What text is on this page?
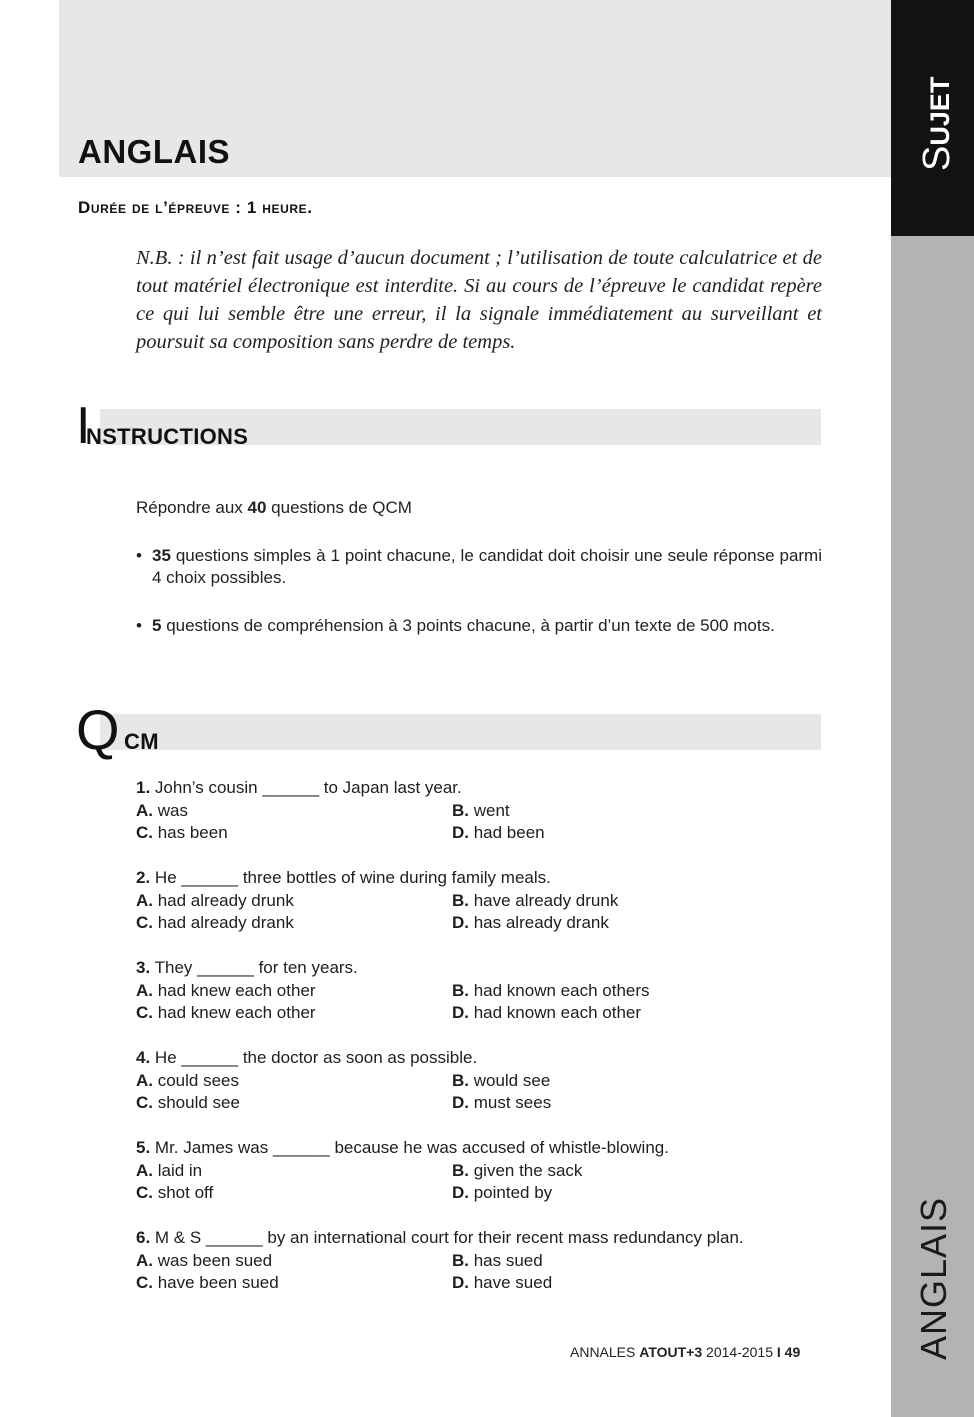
ANGLAIS
Durée de l’épreuve : 1 heure.

N.B. : il n’est fait usage d’aucun document ; l’utilisation de toute calculatrice et de tout matériel électronique est interdite. Si au cours de l’épreuve le candidat repère ce qui lui semble être une erreur, il la signale immédiatement au surveillant et poursuit sa composition sans perdre de temps.

I
NSTRUCTIONS
Répondre aux 40 questions de QCM
• 35 questions simples à 1 point chacune, le candidat doit choisir une seule réponse parmi 4 choix possibles.
• 5 questions de compréhension à 3 points chacune, à partir d’un texte de 500 mots.
Q CM
1. John’s cousin ______ to Japan last year.
A. was	B. went
C. has been	D. had been
2. He ______ three bottles of wine during family meals.
A. had already drunk	B. have already drunk
C. had already drank	D. has already drank
3. They ______ for ten years.
A. had knew each other	B. had known each others
C. had knew each other	D. had known each other
4. He ______ the doctor as soon as possible.
A. could sees	B. would see
C. should see	D. must sees
5. Mr. James was ______ because he was accused of whistle-blowing.
A. laid in	B. given the sack
C. shot off	D. pointed by
6. M & S ______ by an international court for their recent mass redundancy plan.
A. was been sued	B. has sued
C. have been sued	D. have sued
ANNALES ATOUT+3 2014-2015 I 49
SUJET
ANGLAIS
